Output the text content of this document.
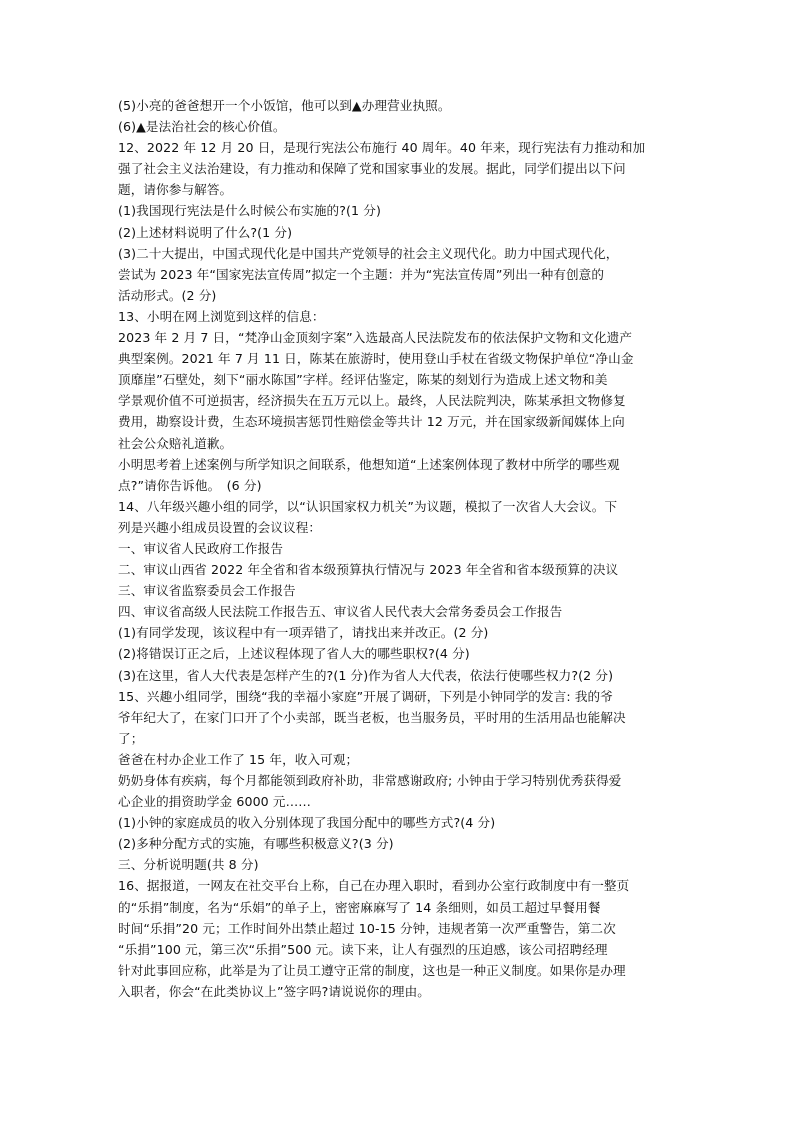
(5)小亮的爸爸想开一个小饭馆，他可以到▲办理营业执照。
(6)▲是法治社会的核心价值。
12、2022 年 12 月 20 日，是现行宪法公布施行 40 周年。40 年来，现行宪法有力推动和加
强了社会主义法治建设，有力推动和保障了党和国家事业的发展。据此，同学们提出以下问
题，请你参与解答。
(1)我国现行宪法是什么时候公布实施的?(1 分)
(2)上述材料说明了什么?(1 分)
(3)二十大提出，中国式现代化是中国共产党领导的社会主义现代化。助力中国式现代化，
尝试为 2023 年“国家宪法宣传周”拟定一个主题：并为“宪法宣传周”列出一种有创意的
活动形式。(2 分)
13、小明在网上浏览到这样的信息：
2023 年 2 月 7 日，“梵净山金顶刻字案”入选最高人民法院发布的依法保护文物和文化遗产
典型案例。2021 年 7 月 11 日，陈某在旅游时，使用登山手杖在省级文物保护单位“净山金
顶靡崖”石壁处，刻下“丽水陈国”字样。经评估鉴定，陈某的刻划行为造成上述文物和美
学景观价值不可逆损害，经济损失在五万元以上。最终，人民法院判决，陈某承担文物修复
费用，勘察设计费，生态环境损害惩罚性赔偿金等共计 12 万元，并在国家级新闻媒体上向
社会公众赔礼道歉。
小明思考着上述案例与所学知识之间联系，他想知道“上述案例体现了教材中所学的哪些观
点?”请你告诉他。　(6 分)
14、八年级兴趣小组的同学，以“认识国家权力机关”为议题，模拟了一次省人大会议。下
列是兴趣小组成员设置的会议议程：
一、审议省人民政府工作报告
二、审议山西省 2022 年全省和省本级预算执行情况与 2023 年全省和省本级预算的决议
三、审议省监察委员会工作报告
四、审议省高级人民法院工作报告五、审议省人民代表大会常务委员会工作报告
(1)有同学发现，该议程中有一项弄错了，请找出来并改正。(2 分)
(2)将错误订正之后，上述议程体现了省人大的哪些职权?(4 分)
(3)在这里，省人大代表是怎样产生的?(1 分)作为省人大代表，依法行使哪些权力?(2 分)
15、兴趣小组同学，围绕“我的幸福小家庭”开展了调研，下列是小钟同学的发言: 我的爷
爷年纪大了，在家门口开了个小卖部，既当老板，也当服务员，平时用的生活用品也能解决
了；
爸爸在村办企业工作了 15 年，收入可观；
奶奶身体有疾病，每个月都能领到政府补助，非常感谢政府; 小钟由于学习特别优秀获得爱
心企业的捐资助学金 6000 元……
(1)小钟的家庭成员的收入分别体现了我国分配中的哪些方式?(4 分)
(2)多种分配方式的实施，有哪些积极意义?(3 分)
三、分析说明题(共 8 分)
16、据报道，一网友在社交平台上称，自己在办理入职时，看到办公室行政制度中有一整页
的“乐捐”制度，名为“乐娟”的单子上，密密麻麻写了 14 条细则，如员工超过早餐用餐
时间“乐捐”20 元；工作时间外出禁止超过 10-15 分钟，违规者第一次严重警告，第二次
“乐捐”100 元，第三次“乐捐”500 元。读下来，让人有强烈的压迫感，该公司招聘经理
针对此事回应称，此举是为了让员工遵守正常的制度，这也是一种正义制度。如果你是办理
入职者，你会“在此类协议上”签字吗?请说说你的理由。
